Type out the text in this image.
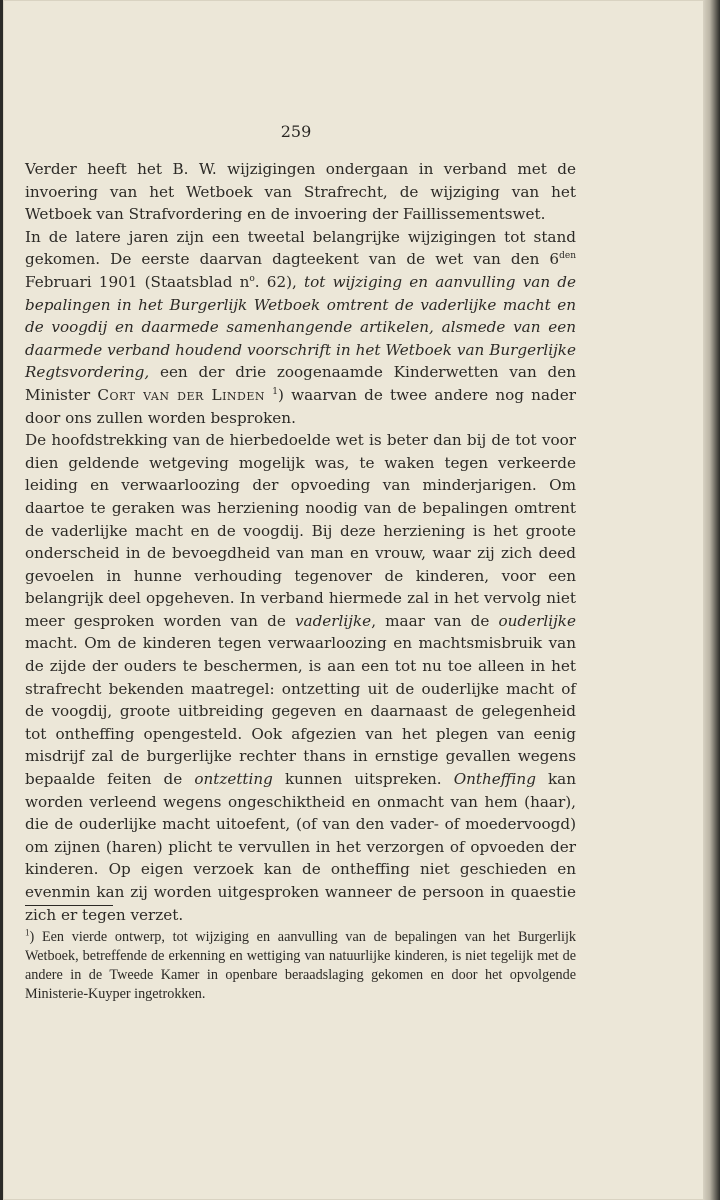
259

Verder heeft het B. W. wijzigingen ondergaan in verband met de invoering van het Wetboek van Strafrecht, de wijziging van het Wetboek van Strafvordering en de invoering der Faillissementswet.

In de latere jaren zijn een tweetal belangrijke wijzigingen tot stand gekomen. De eerste daarvan dagteekent van de wet van den $6^{den}$ Februari 1901 (Staatsblad $n^o$. 62), tot wijziging en aanvulling van de bepalingen in het Burgerlijk Wetboek omtrent de vaderlijke macht en de voogdij en daarmede samenhangende artikelen, alsmede van een daarmede verband houdend voorschrift in het Wetboek van Burgerlijke Regtsvordering, een der drie zoogenaamde Kinderwetten van den Minister Cort van der Linden $^1$) waarvan de twee andere nog nader door ons zullen worden besproken.

De hoofdstrekking van de hierbedoelde wet is beter dan bij de tot voor dien geldende wetgeving mogelijk was, te waken tegen verkeerde leiding en verwaarloozing der opvoeding van minderjarigen. Om daartoe te geraken was herziening noodig van de bepalingen omtrent de vaderlijke macht en de voogdij. Bij deze herziening is het groote onderscheid in de bevoegdheid van man en vrouw, waar zij zich deed gevoelen in hunne verhouding tegenover de kinderen, voor een belangrijk deel opgeheven. In verband hiermede zal in het vervolg niet meer gesproken worden van de vaderlijke, maar van de ouderlijke macht. Om de kinderen tegen verwaarloozing en machtsmisbruik van de zijde der ouders te beschermen, is aan een tot nu toe alleen in het strafrecht bekenden maatregel: ontzetting uit de ouderlijke macht of de voogdij, groote uitbreiding gegeven en daarnaast de gelegenheid tot ontheffing opengesteld. Ook afgezien van het plegen van eenig misdrijf zal de burgerlijke rechter thans in ernstige gevallen wegens bepaalde feiten de ontzetting kunnen uitspreken. Ontheffing kan worden verleend wegens ongeschiktheid en onmacht van hem (haar), die de ouderlijke macht uitoefent, (of van den vader- of moedervoogd) om zijnen (haren) plicht te vervullen in het verzorgen of opvoeden der kinderen. Op eigen verzoek kan de ontheffing niet geschieden en evenmin kan zij worden uitgesproken wanneer de persoon in quaestie zich er tegen verzet.

$^1$) Een vierde ontwerp, tot wijziging en aanvulling van de bepalingen van het Burgerlijk Wetboek, betreffende de erkenning en wettiging van natuurlijke kinderen, is niet tegelijk met de andere in de Tweede Kamer in openbare beraadslaging gekomen en door het opvolgende Ministerie-Kuyper ingetrokken.
